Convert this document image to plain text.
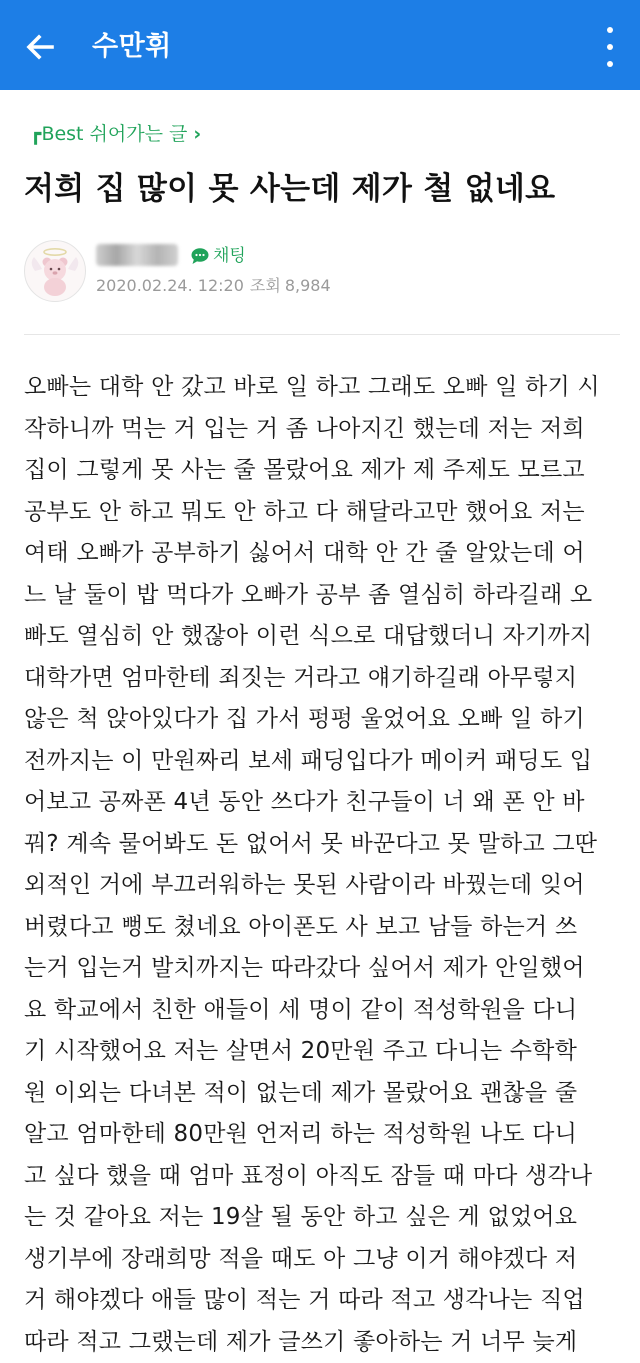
수만휘
┏Best 쉬어가는 글 ›
저희 집 많이 못 사는데 제가 철 없네요
채팅
2020.02.24. 12:20 조회 8,984
오빠는 대학 안 갔고 바로 일 하고 그래도 오빠 일 하기 시
작하니까 먹는 거 입는 거 좀 나아지긴 했는데 저는 저희
집이 그렇게 못 사는 줄 몰랐어요 제가 제 주제도 모르고
공부도 안 하고 뭐도 안 하고 다 해달라고만 했어요 저는
여태 오빠가 공부하기 싫어서 대학 안 간 줄 알았는데 어
느 날 둘이 밥 먹다가 오빠가 공부 좀 열심히 하라길래 오
빠도 열심히 안 했잖아 이런 식으로 대답했더니 자기까지
대학가면 엄마한테 죄짓는 거라고 얘기하길래 아무렇지
않은 척 앉아있다가 집 가서 펑펑 울었어요 오빠 일 하기
전까지는 이 만원짜리 보세 패딩입다가 메이커 패딩도 입
어보고 공짜폰 4년 동안 쓰다가 친구들이 너 왜 폰 안 바
꿔? 계속 물어봐도 돈 없어서 못 바꾼다고 못 말하고 그딴
외적인 거에 부끄러워하는 못된 사람이라 바꿨는데 잊어
버렸다고 뻥도 쳤네요 아이폰도 사 보고 남들 하는거 쓰
는거 입는거 발치까지는 따라갔다 싶어서 제가 안일했어
요 학교에서 친한 애들이 세 명이 같이 적성학원을 다니
기 시작했어요 저는 살면서 20만원 주고 다니는 수학학
원 이외는 다녀본 적이 없는데 제가 몰랐어요 괜찮을 줄
알고 엄마한테 80만원 언저리 하는 적성학원 나도 다니
고 싶다 했을 때 엄마 표정이 아직도 잠들 때 마다 생각나
는 것 같아요 저는 19살 될 동안 하고 싶은 게 없었어요
생기부에 장래희망 적을 때도 아 그냥 이거 해야겠다 저
거 해야겠다 애들 많이 적는 거 따라 적고 생각나는 직업
따라 적고 그랬는데 제가 글쓰기 좋아하는 거 너무 늦게
